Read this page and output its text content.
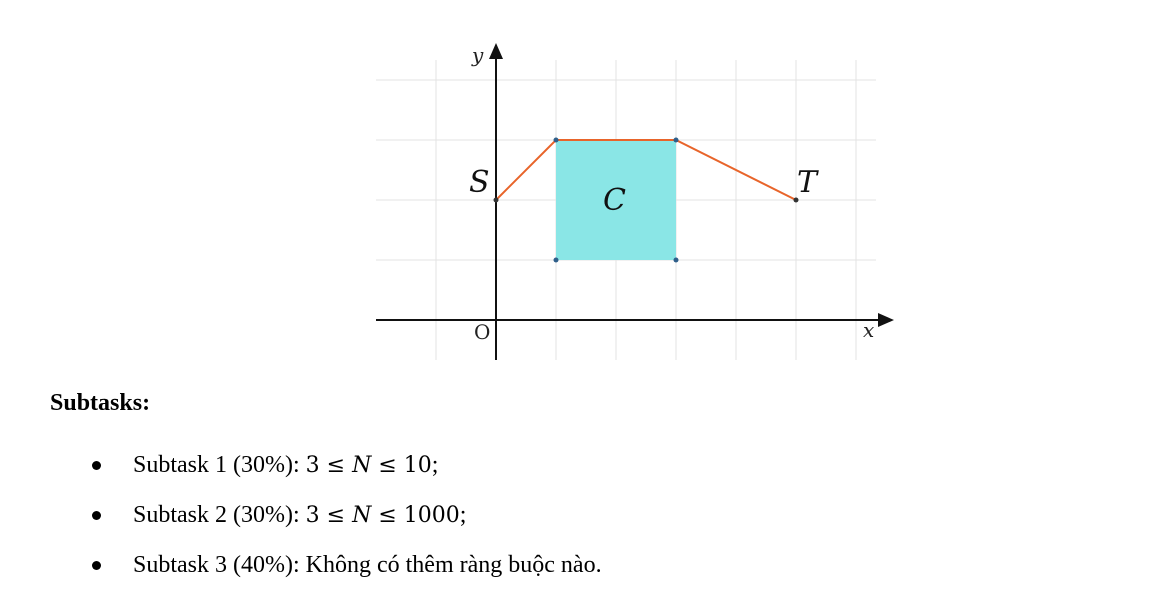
y
x
O
S	T
C

Subtasks:

Subtask 1 (30%): 3 ≤ N ≤ 10;
Subtask 2 (30%): 3 ≤ N ≤ 1000;
Subtask 3 (40%): Không có thêm ràng buộc nào.
